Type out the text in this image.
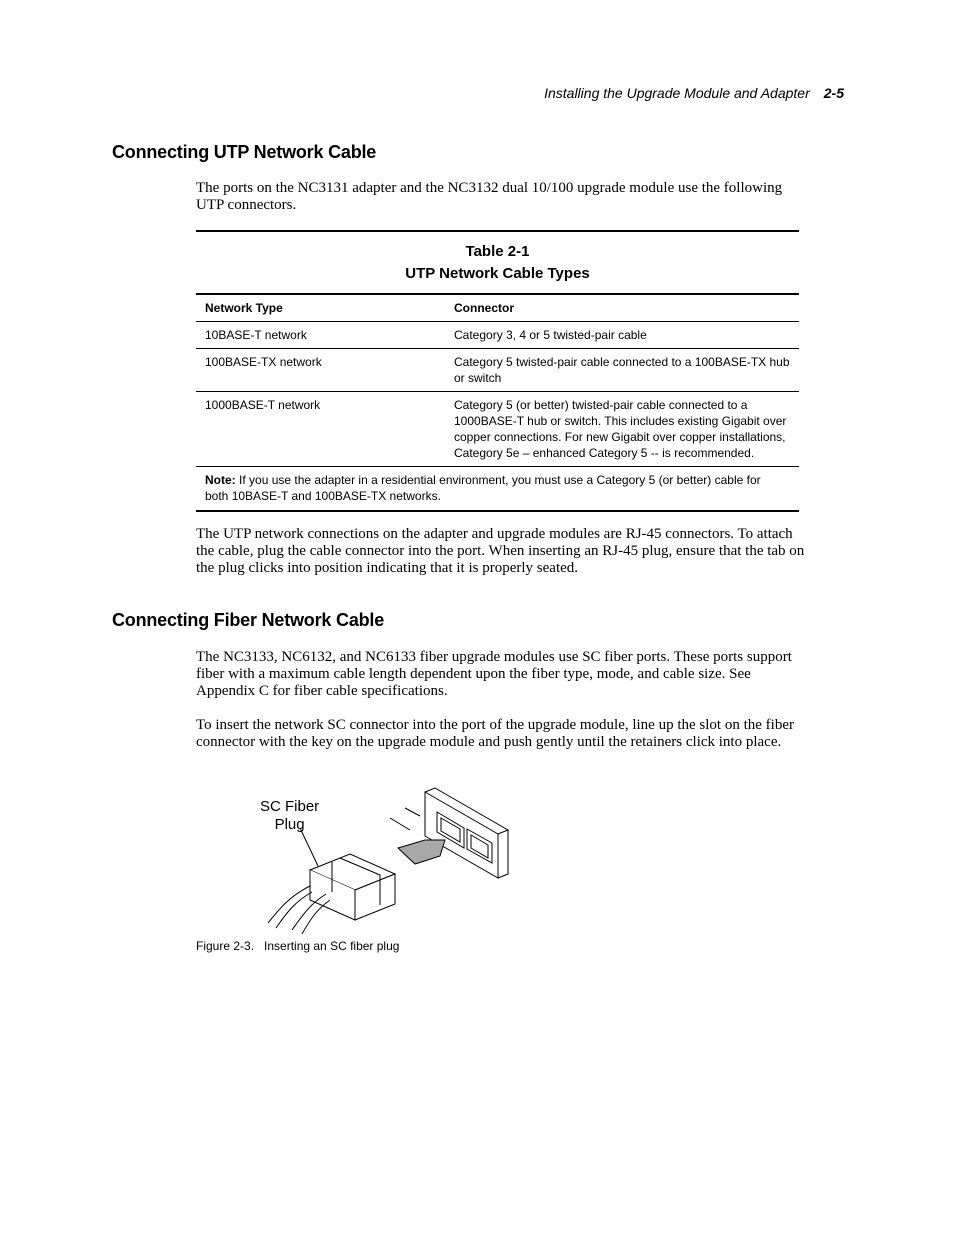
Installing the Upgrade Module and Adapter 2-5
Connecting UTP Network Cable

The ports on the NC3131 adapter and the NC3132 dual 10/100 upgrade module use the following UTP connectors.

Table 2-1
UTP Network Cable Types
Network Type	Connector
10BASE-T network	Category 3, 4 or 5 twisted-pair cable
100BASE-TX network	Category 5 twisted-pair cable connected to a 100BASE-TX hub or switch
1000BASE-T network	Category 5 (or better) twisted-pair cable connected to a 1000BASE-T hub or switch. This includes existing Gigabit over copper connections. For new Gigabit over copper installations, Category 5e – enhanced Category 5 -- is recommended.
Note: If you use the adapter in a residential environment, you must use a Category 5 (or better) cable for both 10BASE-T and 100BASE-TX networks.

The UTP network connections on the adapter and upgrade modules are RJ-45 connectors. To attach the cable, plug the cable connector into the port. When inserting an RJ-45 plug, ensure that the tab on the plug clicks into position indicating that it is properly seated.

Connecting Fiber Network Cable

The NC3133, NC6132, and NC6133 fiber upgrade modules use SC fiber ports. These ports support fiber with a maximum cable length dependent upon the fiber type, mode, and cable size. See Appendix C for fiber cable specifications.

To insert the network SC connector into the port of the upgrade module, line up the slot on the fiber connector with the key on the upgrade module and push gently until the retainers click into place.

SC Fiber
Plug
Figure 2-3.   Inserting an SC fiber plug
